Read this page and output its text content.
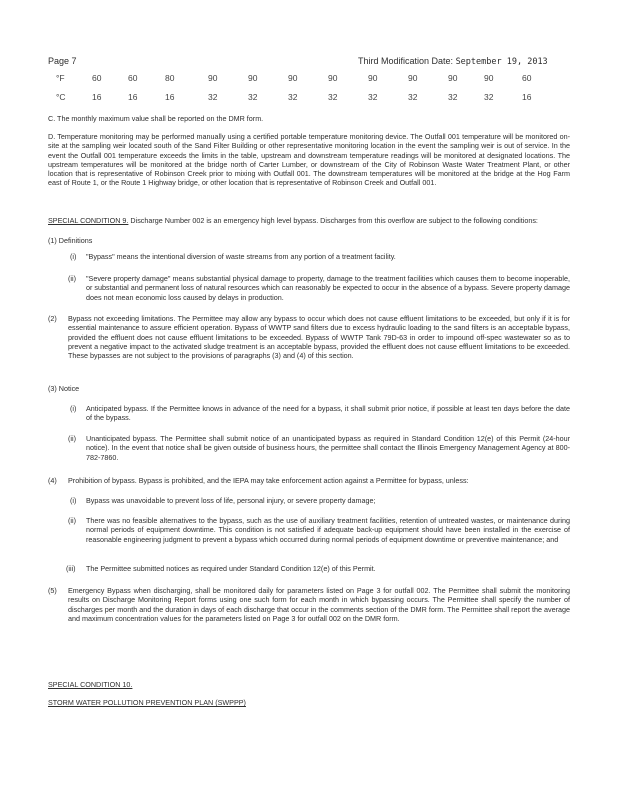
Page 7	Third Modification Date: September 19, 2013
°F	60	60	80	90	90	90	90	90	90	90	90	60
°C	16	16	16	32	32	32	32	32	32	32	32	16
C. The monthly maximum value shall be reported on the DMR form.
D. Temperature monitoring may be performed manually using a certified portable temperature monitoring device. The Outfall 001 temperature will be monitored on-site at the sampling weir located south of the Sand Filter Building or other representative monitoring location in the event the sampling weir is out of service. In the event the Outfall 001 temperature exceeds the limits in the table, upstream and downstream temperature readings will be monitored at designated locations. The upstream temperatures will be monitored at the bridge north of Carter Lumber, or downstream of the City of Robinson Waste Water Treatment Plant, or other location that is representative of Robinson Creek prior to mixing with Outfall 001. The downstream temperatures will be monitored at the bridge at the Hog Farm east of Route 1, or the Route 1 Highway bridge, or other location that is representative of Robinson Creek and Outfall 001.
SPECIAL CONDITION 9. Discharge Number 002 is an emergency high level bypass. Discharges from this overflow are subject to the following conditions:
(1) Definitions
(i) "Bypass" means the intentional diversion of waste streams from any portion of a treatment facility.
(ii) "Severe property damage" means substantial physical damage to property, damage to the treatment facilities which causes them to become inoperable, or substantial and permanent loss of natural resources which can reasonably be expected to occur in the absence of a bypass. Severe property damage does not mean economic loss caused by delays in production.
(2) Bypass not exceeding limitations. The Permittee may allow any bypass to occur which does not cause effluent limitations to be exceeded, but only if it is for essential maintenance to assure efficient operation. Bypass of WWTP sand filters due to excess hydraulic loading to the sand filters is an acceptable bypass, provided the effluent does not cause effluent limitations to be exceeded. Bypass of WWTP Tank 79D-63 in order to impound off-spec wastewater so as to prevent a negative impact to the activated sludge treatment is an acceptable bypass, provided the effluent does not cause effluent limitations to be exceeded. These bypasses are not subject to the provisions of paragraphs (3) and (4) of this section.
(3) Notice
(i) Anticipated bypass. If the Permittee knows in advance of the need for a bypass, it shall submit prior notice, if possible at least ten days before the date of the bypass.
(ii) Unanticipated bypass. The Permittee shall submit notice of an unanticipated bypass as required in Standard Condition 12(e) of this Permit (24-hour notice). In the event that notice shall be given outside of business hours, the permittee shall contact the Illinois Emergency Management Agency at 800-782-7860.
(4) Prohibition of bypass. Bypass is prohibited, and the IEPA may take enforcement action against a Permittee for bypass, unless:
(i) Bypass was unavoidable to prevent loss of life, personal injury, or severe property damage;
(ii) There was no feasible alternatives to the bypass, such as the use of auxiliary treatment facilities, retention of untreated wastes, or maintenance during normal periods of equipment downtime. This condition is not satisfied if adequate back-up equipment should have been installed in the exercise of reasonable engineering judgment to prevent a bypass which occurred during normal periods of equipment downtime or preventive maintenance; and
(iii) The Permittee submitted notices as required under Standard Condition 12(e) of this Permit.
(5) Emergency Bypass when discharging, shall be monitored daily for parameters listed on Page 3 for outfall 002. The Permittee shall submit the monitoring results on Discharge Monitoring Report forms using one such form for each month in which bypassing occurs. The Permittee shall specify the number of discharges per month and the duration in days of each discharge that occur in the comments section of the DMR form. The Permittee shall report the average and maximum concentration values for the parameters listed on Page 3 for outfall 002 on the DMR form.
SPECIAL CONDITION 10.
STORM WATER POLLUTION PREVENTION PLAN (SWPPP)
